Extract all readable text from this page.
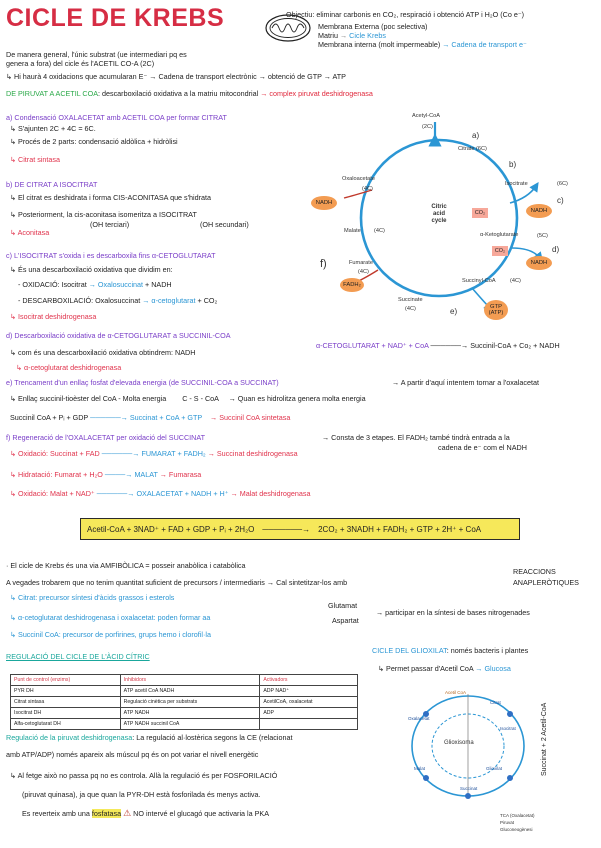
CICLE DE KREBS	Objectiu: eliminar carbonis en CO₂, respiració i obtenció ATP i H₂O (Co e⁻)
Membrana Externa (poc selectiva)
Matriu → Cicle Krebs
Membrana interna (molt impermeable) → Cadena de transport e⁻
De manera general, l'únic substrat (ue intermediari pq es
genera a fora) del cicle és l'ACETIL CO-A (2C)
↳ Hi haurà 4 oxidacions que acumularan E⁻ → Cadena de transport electrònic → obtenció de GTP → ATP
DE PIRUVAT A ACETIL COA: descarboxilació oxidativa a la matriu mitocondrial → complex piruvat deshidrogenasa
a) Condensació OXALACETAT amb ACETIL COA per formar CITRAT
↳ S'ajunten 2C + 4C = 6C.
↳ Procés de 2 parts: condensació aldòlica + hidròlisi
↳ Citrat sintasa
b) DE CITRAT A ISOCITRAT
↳ El citrat es deshidrata i forma CIS-ACONITASA que s'hidrata
↳ Posteriorment, la cis-aconitasa isomeritza a ISOCITRAT
(OH terciari)	(OH secundari)
↳ Aconitasa
c) L'ISOCITRAT s'oxida i es descarboxila fins α-CETOGLUTARAT
↳ És una descarboxilació oxidativa que dividim en:
- OXIDACIÓ: Isocitrat → Oxalosuccinat + NADH
- DESCARBOXILACIÓ: Oxalosuccinat → α-cetoglutarat + CO₂
↳ Isocitrat deshidrogenasa
Acetyl-CoA
(2C)
Citrate (6C)
Isocitrate	(6C)
α-Ketoglutarate	(5C)
Succinyl-CoA	(4C)
Succinate
(4C)
Fumarate
(4C)
Malate (4C)
Oxaloacetate
(4C)
Citric acid cycle
NADH
NADH
NADH
FADH₂
CO₂
CO₂
GTP
(ATP)
b)
a)
c)
d)
e)
f)
d) Descarboxilació oxidativa de α-CETOGLUTARAT a SUCCINIL-COA
↳ com és una descarboxilació oxidativa obtindrem: NADH
α-CETOGLUTARAT + NAD⁺ + CoA ──────→ Succinil-CoA + Co₂ + NADH
↳ α-cetoglutarat deshidrogenasa
e) Trencament d'un enllaç fosfat d'elevada energia (de SUCCINIL-COA a SUCCINAT)	→ A partir d'aquí intentem tornar a l'oxalacetat
↳ Enllaç succinil-tioèster del CoA - Molta energia C - S - CoA → Quan es hidrolitza genera molta energia
Succinil CoA + Pᵢ + GDP ──────→ Succinat + CoA + GTP → Succinil CoA sintetasa
f) Regeneració de l'OXALACETAT per oxidació del SUCCINAT	→ Consta de 3 etapes. El FADH₂ també tindrà entrada a la
cadena de e⁻ com el NADH
↳ Oxidació: Succinat + FAD ──────→ FUMARAT + FADH₂ → Succinat deshidrogenasa
↳ Hidratació: Fumarat + H₂O ────→ MALAT → Fumarasa
↳ Oxidació: Malat + NAD⁺ ──────→ OXALACETAT + NADH + H⁺ → Malat deshidrogenasa
Acetil-CoA + 3NAD⁺ + FAD + GDP + Pᵢ + 2H₂O ───────→ 2CO₂ + 3NADH + FADH₂ + GTP + 2H⁺ + CoA
· El cicle de Krebs és una via AMFIBÒLICA = posseir anabòlica i catabòlica
A vegades trobarem que no tenim quantitat suficient de precursors / intermediaris → Cal sintetitzar-los amb
REACCIONS
ANAPLERÒTIQUES
↳ Citrat: precursor síntesi d'àcids grassos i esterols
↳ α-cetoglutarat deshidrogenasa i oxalacetat: poden formar aa
Glutamat
Aspartat
→ participar en la síntesi de bases nitrogenades
↳ Succinil CoA: precursor de porfirines, grups hemo i clorofil·la
REGULACIÓ DEL CICLE DE L'ÀCID CÍTRIC
Punt de control (enzims)	Inhibidors	Activadors
PYR DH	ATP acetil CoA NADH	ADP NAD⁺
Citrat sintasa	Regulació cinètica per substrats	AcetilCoA, oxalacetat
Isocitrat DH	ATP NADH	ADP
Alfa-cetoglutarat DH	ATP NADH succinil CoA	
Regulació de la piruvat deshidrogenasa: La regulació al·lostèrica segons la CE (relacionat
amb ATP/ADP) només apareix als múscul pq és on pot variar el nivell energètic
↳ Al fetge això no passa pq no es controla. Allà la regulació és per FOSFORILACIÓ
(piruvat quinasa), ja que quan la PYR-DH està fosforilada és menys activa.
Es reverteix amb una fosfatasa ⚠ NO intervé el glucagó que activaria la PKA
CICLE DEL GLIOXILAT: només bacteris i plantes
↳ Permet passar d'Acetil CoA → Glucosa
Glioxisoma
Acetil CoA
Citrat
Isocitrat
Glioxilat
Malat
Oxalacetat
Succinat
Piruvat
Gluconeogènesi
TCA (Oxalacetat)
Succinat + 2 Acetil-CoA
